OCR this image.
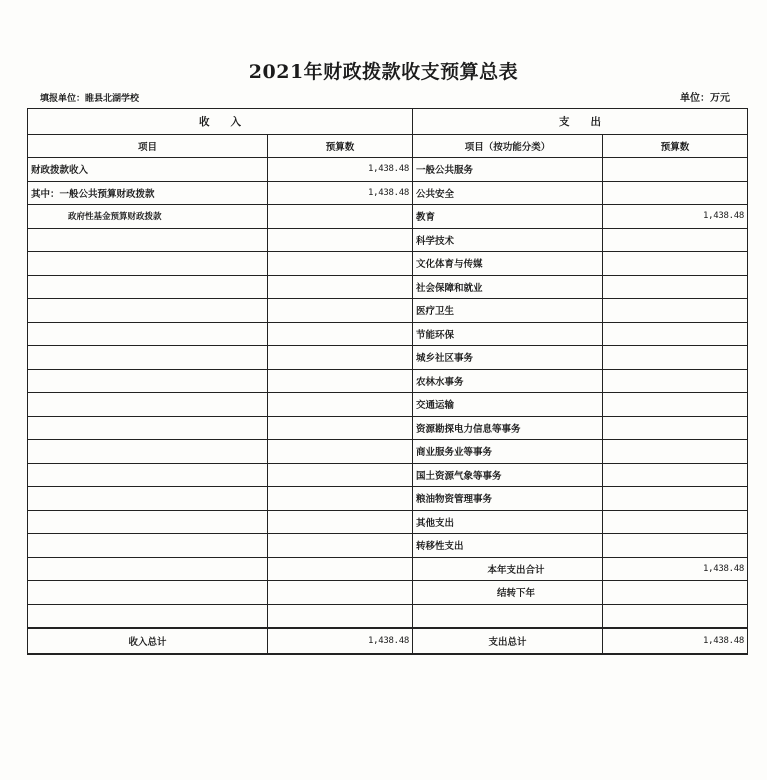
2021年财政拨款收支预算总表
填报单位：睢县北湖学校	单位：万元
收　　入		支　　出	
项目	预算数	项目（按功能分类）	预算数
财政拨款收入	1,438.48	一般公共服务	
其中：一般公共预算财政拨款	1,438.48	公共安全	
政府性基金预算财政拨款		教育	1,438.48
		科学技术	
		文化体育与传媒	
		社会保障和就业	
		医疗卫生	
		节能环保	
		城乡社区事务	
		农林水事务	
		交通运输	
		资源勘探电力信息等事务	
		商业服务业等事务	
		国土资源气象等事务	
		粮油物资管理事务	
		其他支出	
		转移性支出	
		本年支出合计	1,438.48
		结转下年	

收入总计	1,438.48	支出总计	1,438.48
